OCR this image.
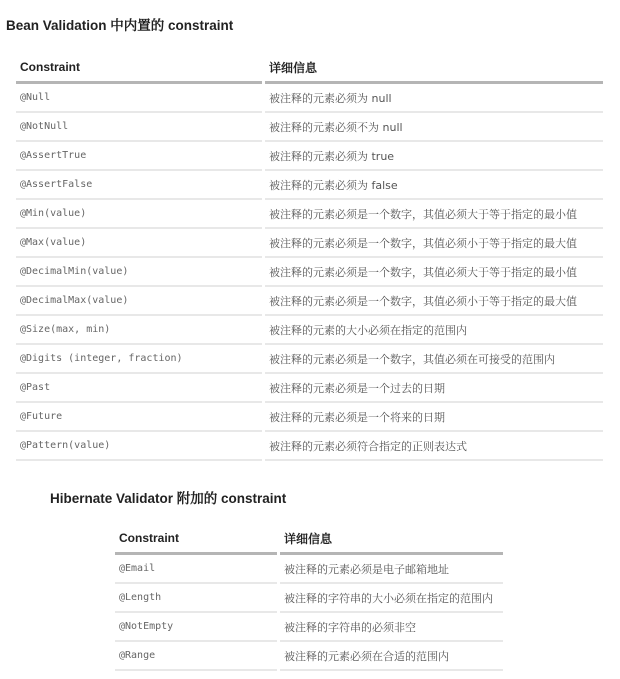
Bean Validation 中内置的 constraint
Constraint	详细信息
@Null	被注释的元素必须为 null
@NotNull	被注释的元素必须不为 null
@AssertTrue	被注释的元素必须为 true
@AssertFalse	被注释的元素必须为 false
@Min(value)	被注释的元素必须是一个数字，其值必须大于等于指定的最小值
@Max(value)	被注释的元素必须是一个数字，其值必须小于等于指定的最大值
@DecimalMin(value)	被注释的元素必须是一个数字，其值必须大于等于指定的最小值
@DecimalMax(value)	被注释的元素必须是一个数字，其值必须小于等于指定的最大值
@Size(max, min)	被注释的元素的大小必须在指定的范围内
@Digits (integer, fraction)	被注释的元素必须是一个数字，其值必须在可接受的范围内
@Past	被注释的元素必须是一个过去的日期
@Future	被注释的元素必须是一个将来的日期
@Pattern(value)	被注释的元素必须符合指定的正则表达式
Hibernate Validator 附加的 constraint
Constraint	详细信息
@Email	被注释的元素必须是电子邮箱地址
@Length	被注释的字符串的大小必须在指定的范围内
@NotEmpty	被注释的字符串的必须非空
@Range	被注释的元素必须在合适的范围内
